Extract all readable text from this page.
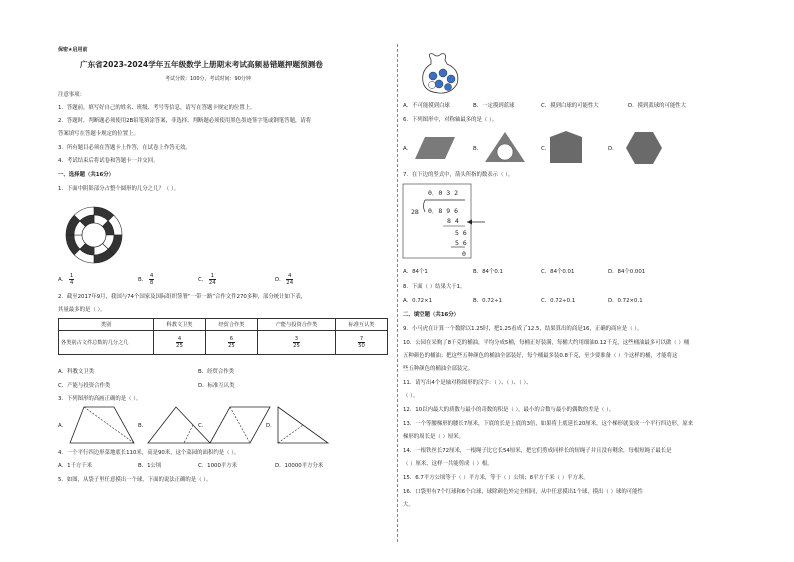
保密★启用前
广东省2023-2024学年五年级数学上册期末考试高频易错题押题预测卷
考试分数：100分，考试时间：90分钟
注意事项：
1．答题前，填写好自己的姓名、班级、考号等信息，请写在答题卡规定的位置上。
2．答题时，判断题必须使用2B铅笔填涂答案，非选择、判断题必须使用黑色墨迹签字笔或钢笔答题，请将
答案填写在答题卡规定的位置上。
3．所有题目必须在答题卡上作答，在试卷上作答无效。
4．考试结束后将试卷和答题卡一并交回。
一、选择题（共16分）
1．下面中阴影部分占整个圆形的几分之几？（ ）。
A． $\frac{1}{4}$	B． $\frac{4}{8}$	C． $\frac{1}{24}$	D． $\frac{4}{24}$
2．截至2017年9月，我国与74个国家及国际组织签署“一带一路”合作文件270多种，部分统计如下表，
其量最多的是（ ）。
类别	科教文卫类	经贸合作类	产能与投资合作类	标准互认类
各类别占文件总数的几分之几	$\frac{4}{25}$	$\frac{6}{25}$	$\frac{3}{25}$	$\frac{7}{50}$
A．科教文卫类	B．经贸合作类
C．产能与投资合作类	D．标准互认类
3．下列图形的高画正确的是（ ）。
A．	B．	C．	D．
4．一个平行四边形菜地底长110米，高是90米，这个菜园的面积约是（ ）。
A．1千方千米	B．1公顷	C．1000平方米	D．10000平方分米
5．如图，从袋子里任意摸出一个球，下面的说法正确的是（ ）。
A．不可能摸到白球	B．一定摸到蓝球	C．摸到白球的可能性大	D．摸到蓝球的可能性大
6．下列图形中，对称轴最多的是（ ）。
A．	B．	C．	D．
7．在下边的竖式中，箭头所指的数表示（ ）。
0．0 3 2
28 0．8 9 6
8 4
5 6
5 6
0
A．84个1	B．84个0.1	C．84个0.01	D．84个0.001
8．下面（ ）结果大于1。
A．0.72×1	B．0.72÷1	C．0.72÷0.1	D．0.72×0.1
二、填空题（共16分）
9．小马虎在计算一个数除以1.25时，把1.25看成了12.5，结果算出的商是16，正确的商应是（ ）。
10．公园在采购了8千克的桶油，平均分成5桶，每桶正好装满，每桶大约用细油0.12千克，这些桶油最多可以做（ ）桶
五种颜色的桶油；把这些五种颜色的桶油全部装好，每个桶最多装0.8千克，至少要准备（ ）个这样的桶，才能将这
些五种颜色的桶油全部装完。
11．请写出4个是轴对称图形的汉字：（ ）、（ ）、（ ）、
（ ）。
12．10以内最大的质数与最小的奇数的积是（ ），最小的合数与最小的偶数的差是（ ）。
13．一个等腰梯形的腰长7厘米，下底的长是上底的3倍，如果将上底延长20厘米，这个梯形就变成一个平行四边形，原来
梯形的周长是（ ）厘米。
14．一根铁丝长72厘米，一根绳子比它长54厘米，把它们剪成同样长的短绳子并且没有剩余，每根短绳子最长是
（ ）厘米，这样一共能剪成（ ）根。
15．6.7平方公顷等于（ ）平方米，等于（ ）公顷；8平方千米（ ）平方米。
16．口袋里有7个红球和6个白球，球除颜色外完全相同，从中任意摸出1个球，摸出（ ）球的可能性
大。
